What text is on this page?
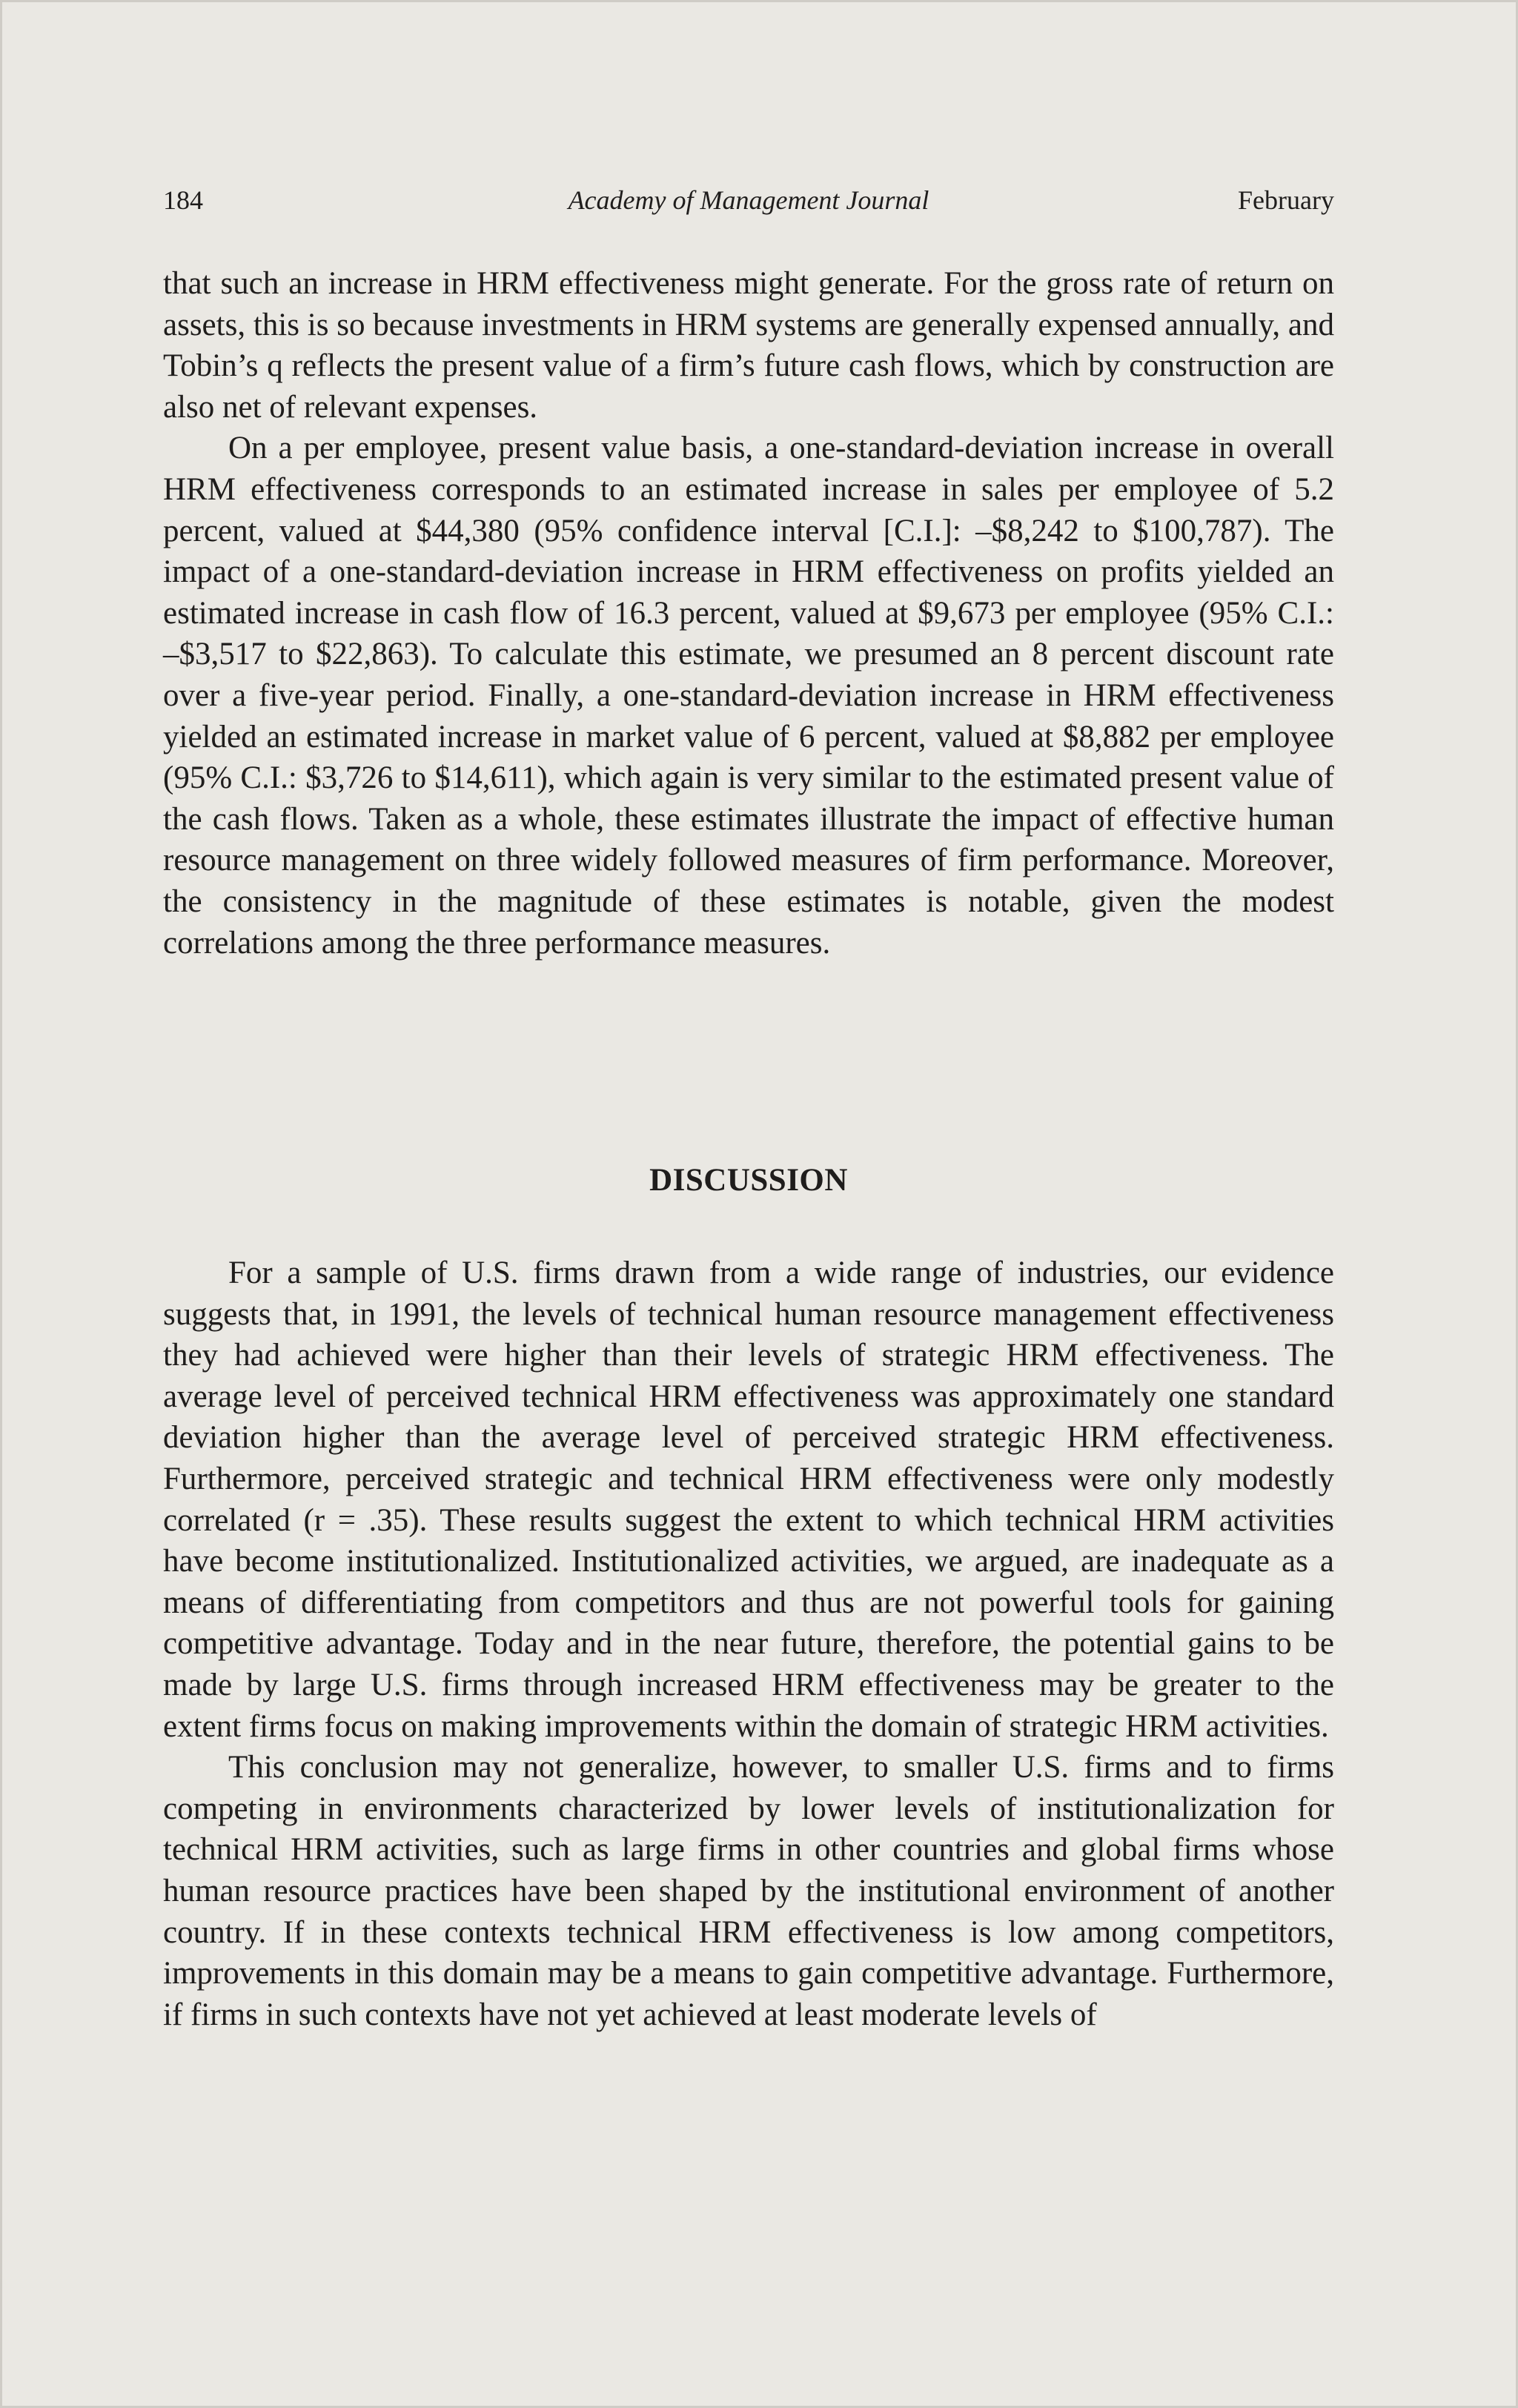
184	Academy of Management Journal	February

that such an increase in HRM effectiveness might generate. For the gross rate of return on assets, this is so because investments in HRM systems are generally expensed annually, and Tobin’s q reflects the present value of a firm’s future cash flows, which by construction are also net of relevant expenses.

On a per employee, present value basis, a one-standard-deviation increase in overall HRM effectiveness corresponds to an estimated increase in sales per employee of 5.2 percent, valued at $44,380 (95% confidence interval [C.I.]: –$8,242 to $100,787). The impact of a one-standard-deviation increase in HRM effectiveness on profits yielded an estimated increase in cash flow of 16.3 percent, valued at $9,673 per employee (95% C.I.: –$3,517 to $22,863). To calculate this estimate, we presumed an 8 percent discount rate over a five-year period. Finally, a one-standard-deviation increase in HRM effectiveness yielded an estimated increase in market value of 6 percent, valued at $8,882 per employee (95% C.I.: $3,726 to $14,611), which again is very similar to the estimated present value of the cash flows. Taken as a whole, these estimates illustrate the impact of effective human resource management on three widely followed measures of firm performance. Moreover, the consistency in the magnitude of these estimates is notable, given the modest correlations among the three performance measures.

DISCUSSION

For a sample of U.S. firms drawn from a wide range of industries, our evidence suggests that, in 1991, the levels of technical human resource management effectiveness they had achieved were higher than their levels of strategic HRM effectiveness. The average level of perceived technical HRM effectiveness was approximately one standard deviation higher than the average level of perceived strategic HRM effectiveness. Furthermore, perceived strategic and technical HRM effectiveness were only modestly correlated (r = .35). These results suggest the extent to which technical HRM activities have become institutionalized. Institutionalized activities, we argued, are inadequate as a means of differentiating from competitors and thus are not powerful tools for gaining competitive advantage. Today and in the near future, therefore, the potential gains to be made by large U.S. firms through increased HRM effectiveness may be greater to the extent firms focus on making improvements within the domain of strategic HRM activities.

This conclusion may not generalize, however, to smaller U.S. firms and to firms competing in environments characterized by lower levels of institutionalization for technical HRM activities, such as large firms in other countries and global firms whose human resource practices have been shaped by the institutional environment of another country. If in these contexts technical HRM effectiveness is low among competitors, improvements in this domain may be a means to gain competitive advantage. Furthermore, if firms in such contexts have not yet achieved at least moderate levels of
